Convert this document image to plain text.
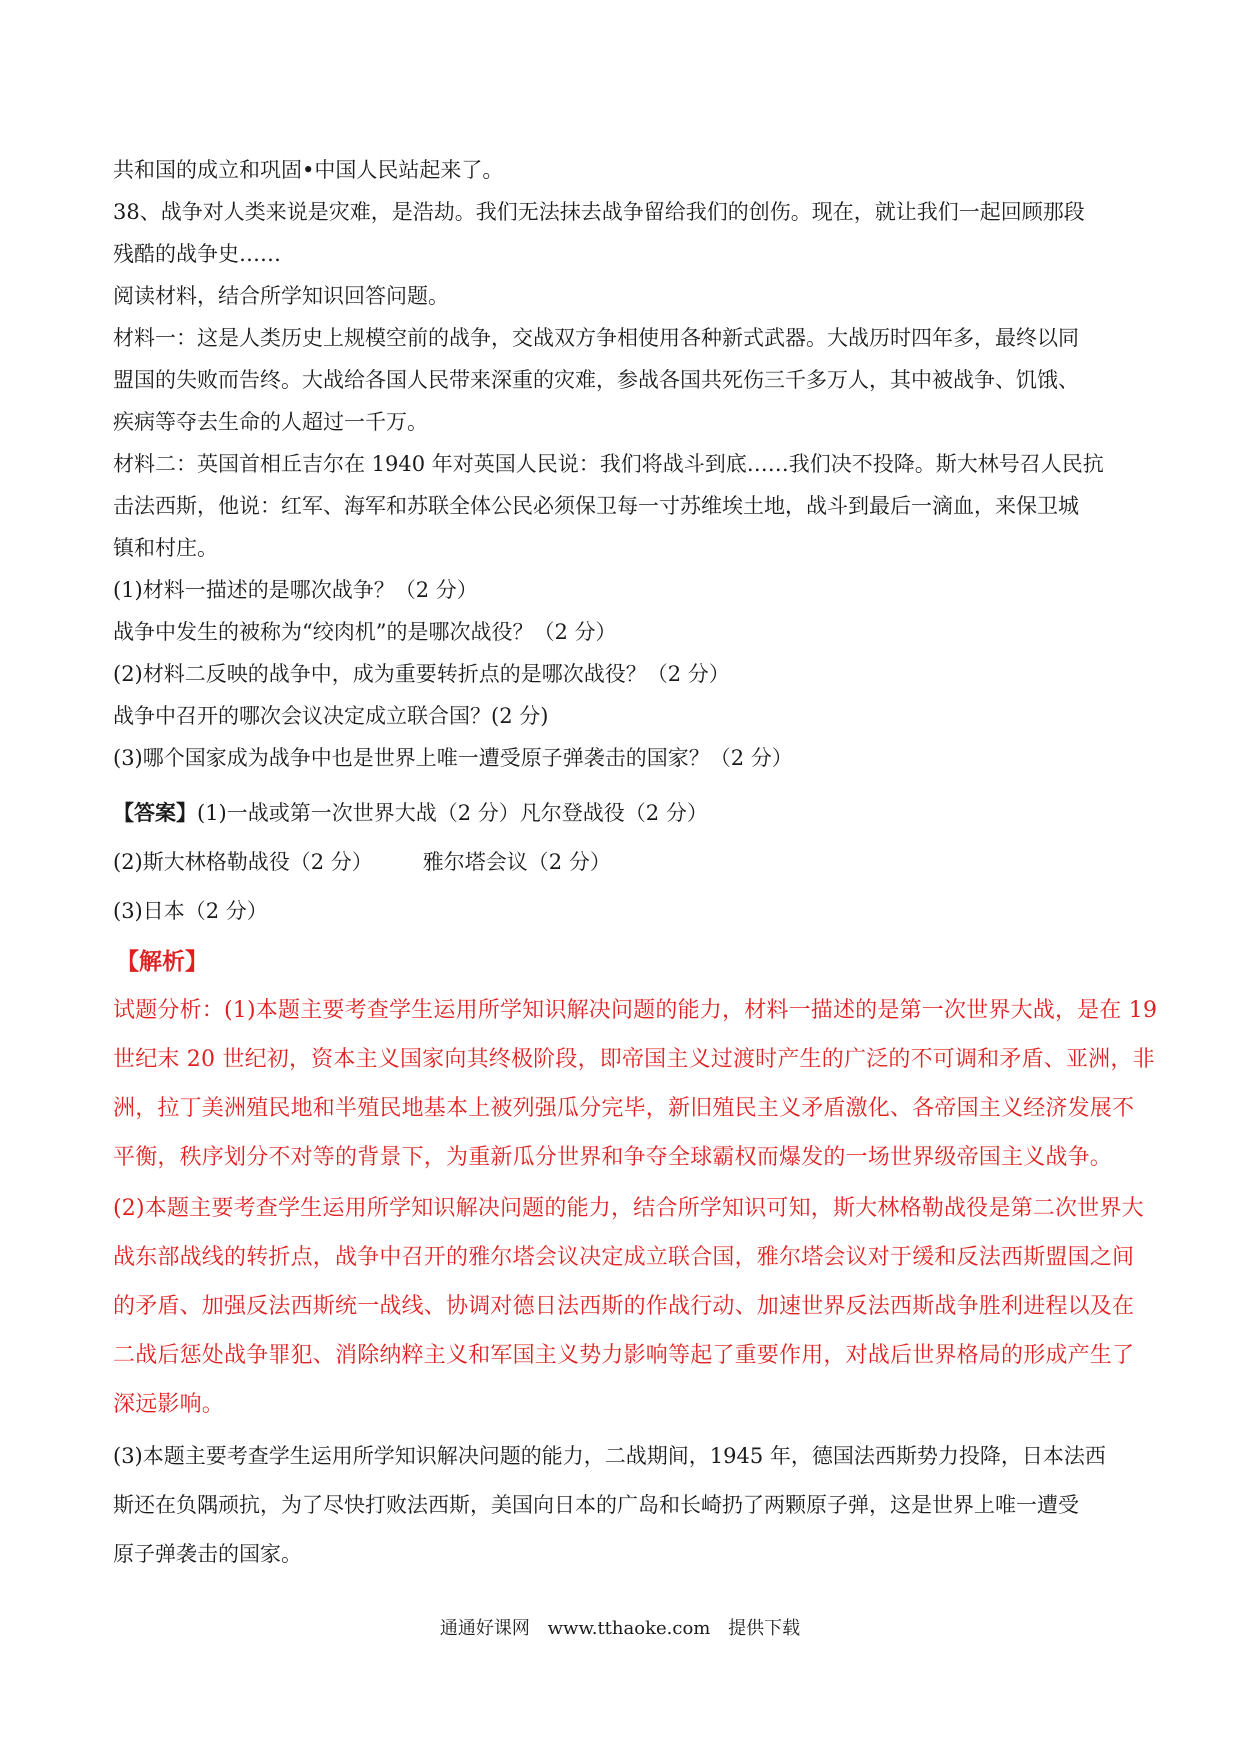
共和国的成立和巩固•中国人民站起来了。
38、战争对人类来说是灾难，是浩劫。我们无法抹去战争留给我们的创伤。现在，就让我们一起回顾那段
残酷的战争史……
阅读材料，结合所学知识回答问题。
材料一：这是人类历史上规模空前的战争，交战双方争相使用各种新式武器。大战历时四年多，最终以同
盟国的失败而告终。大战给各国人民带来深重的灾难，参战各国共死伤三千多万人，其中被战争、饥饿、
疾病等夺去生命的人超过一千万。
材料二：英国首相丘吉尔在 1940 年对英国人民说：我们将战斗到底……我们决不投降。斯大林号召人民抗
击法西斯，他说：红军、海军和苏联全体公民必须保卫每一寸苏维埃土地，战斗到最后一滴血，来保卫城
镇和村庄。
(1)材料一描述的是哪次战争？（2 分）
战争中发生的被称为“绞肉机”的是哪次战役？（2 分）
(2)材料二反映的战争中，成为重要转折点的是哪次战役？（2 分）
战争中召开的哪次会议决定成立联合国？(2 分)
(3)哪个国家成为战争中也是世界上唯一遭受原子弹袭击的国家？（2 分）
【答案】(1)一战或第一次世界大战（2 分）凡尔登战役（2 分）
(2)斯大林格勒战役（2 分） 雅尔塔会议（2 分）
(3)日本（2 分）
【解析】
试题分析：(1)本题主要考查学生运用所学知识解决问题的能力，材料一描述的是第一次世界大战，是在 19
世纪末 20 世纪初，资本主义国家向其终极阶段，即帝国主义过渡时产生的广泛的不可调和矛盾、亚洲，非
洲，拉丁美洲殖民地和半殖民地基本上被列强瓜分完毕，新旧殖民主义矛盾激化、各帝国主义经济发展不
平衡，秩序划分不对等的背景下，为重新瓜分世界和争夺全球霸权而爆发的一场世界级帝国主义战争。
(2)本题主要考查学生运用所学知识解决问题的能力，结合所学知识可知，斯大林格勒战役是第二次世界大
战东部战线的转折点，战争中召开的雅尔塔会议决定成立联合国，雅尔塔会议对于缓和反法西斯盟国之间
的矛盾、加强反法西斯统一战线、协调对德日法西斯的作战行动、加速世界反法西斯战争胜利进程以及在
二战后惩处战争罪犯、消除纳粹主义和军国主义势力影响等起了重要作用，对战后世界格局的形成产生了
深远影响。
(3)本题主要考查学生运用所学知识解决问题的能力，二战期间，1945 年，德国法西斯势力投降，日本法西
斯还在负隅顽抗，为了尽快打败法西斯，美国向日本的广岛和长崎扔了两颗原子弹，这是世界上唯一遭受
原子弹袭击的国家。
通通好课网 www.tthaoke.com 提供下载
